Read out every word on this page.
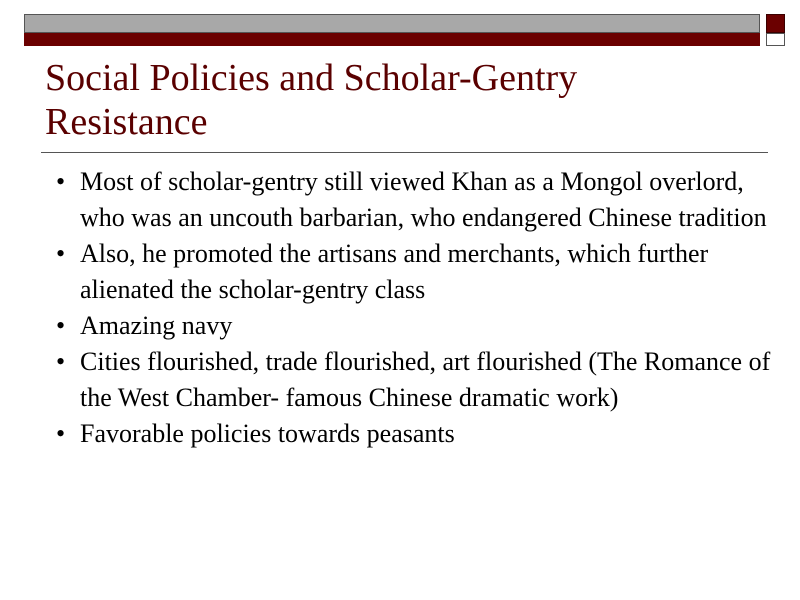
Social Policies and Scholar-Gentry
Resistance
• Most of scholar-gentry still viewed Khan as a Mongol overlord, who was an uncouth barbarian, who endangered Chinese tradition
• Also, he promoted the artisans and merchants, which further alienated the scholar-gentry class
• Amazing navy
• Cities flourished, trade flourished, art flourished (The Romance of the West Chamber- famous Chinese dramatic work)
• Favorable policies towards peasants
